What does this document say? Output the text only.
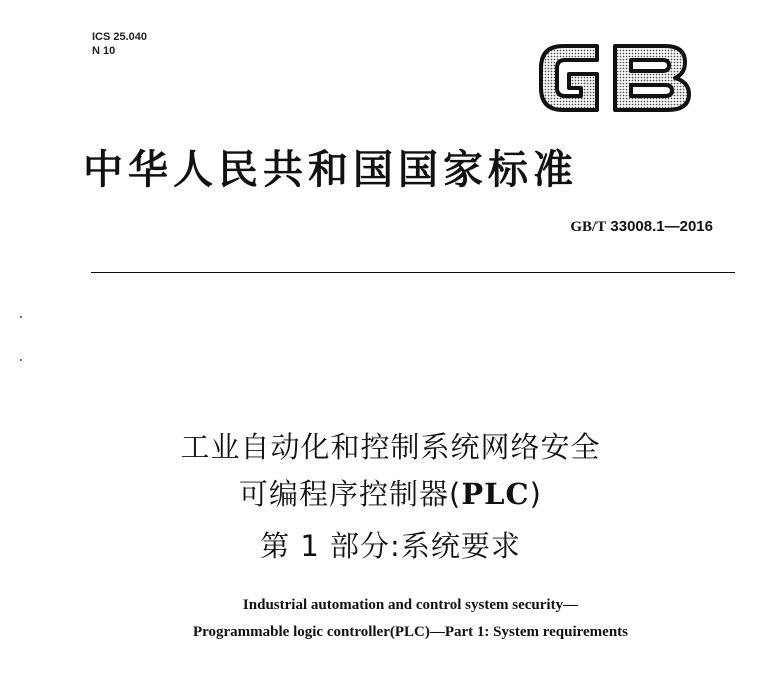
ICS 25.040
N 10
GB
中华人民共和国国家标准
GB/T 33008.1—2016
工业自动化和控制系统网络安全
可编程序控制器(PLC)
第 1 部分:系统要求
Industrial automation and control system security—
Programmable logic controller(PLC)—Part 1: System requirements
